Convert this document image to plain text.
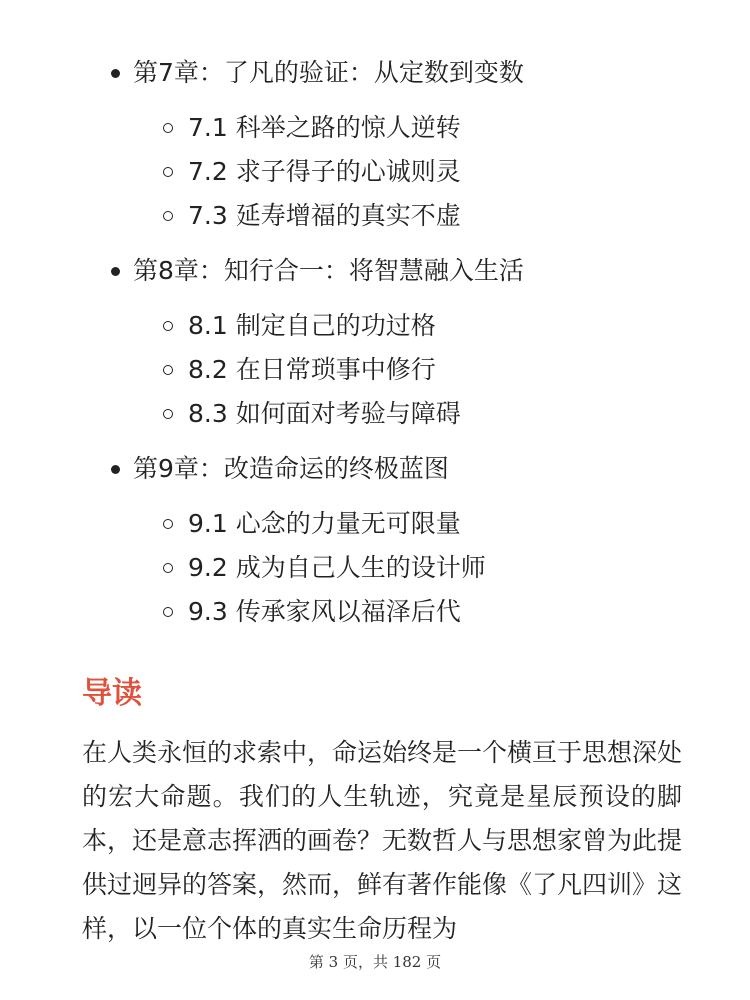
第7章：了凡的验证：从定数到变数
7.1 科举之路的惊人逆转
7.2 求子得子的心诚则灵
7.3 延寿增福的真实不虚
第8章：知行合一：将智慧融入生活
8.1 制定自己的功过格
8.2 在日常琐事中修行
8.3 如何面对考验与障碍
第9章：改造命运的终极蓝图
9.1 心念的力量无可限量
9.2 成为自己人生的设计师
9.3 传承家风以福泽后代
导读

在人类永恒的求索中，命运始终是一个横亘于思想深处的宏大命题。我们的人生轨迹，究竟是星辰预设的脚本，还是意志挥洒的画卷？无数哲人与思想家曾为此提供过迥异的答案，然而，鲜有著作能像《了凡四训》这样，以一位个体的真实生命历程为

第 3 页，共 182 页
